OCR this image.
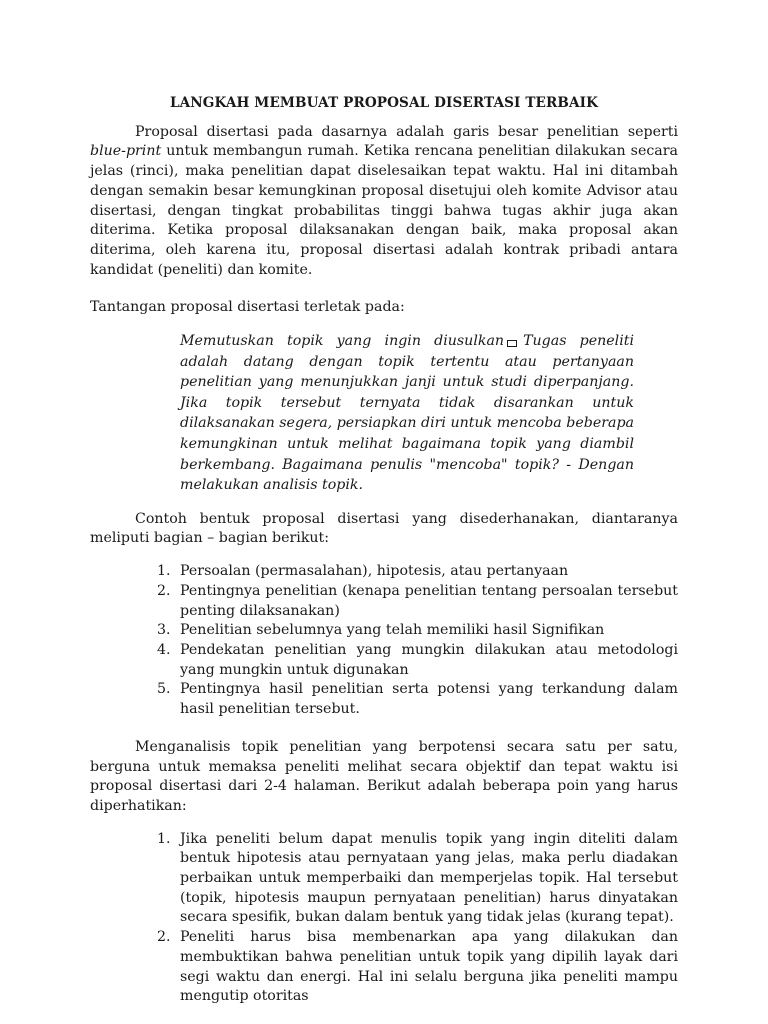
LANGKAH MEMBUAT PROPOSAL DISERTASI TERBAIK

Proposal disertasi pada dasarnya adalah garis besar penelitian seperti blue-print untuk membangun rumah. Ketika rencana penelitian dilakukan secara jelas (rinci), maka penelitian dapat diselesaikan tepat waktu. Hal ini ditambah dengan semakin besar kemungkinan proposal disetujui oleh komite Advisor atau disertasi, dengan tingkat probabilitas tinggi bahwa tugas akhir juga akan diterima. Ketika proposal dilaksanakan dengan baik, maka proposal akan diterima, oleh karena itu, proposal disertasi adalah kontrak pribadi antara kandidat (peneliti) dan komite.

Tantangan proposal disertasi terletak pada:

Memutuskan topik yang ingin diusulkan Tugas peneliti adalah datang dengan topik tertentu atau pertanyaan penelitian yang menunjukkan janji untuk studi diperpanjang. Jika topik tersebut ternyata tidak disarankan untuk dilaksanakan segera, persiapkan diri untuk mencoba beberapa kemungkinan untuk melihat bagaimana topik yang diambil berkembang. Bagaimana penulis "mencoba" topik? - Dengan melakukan analisis topik.

Contoh bentuk proposal disertasi yang disederhanakan, diantaranya meliputi bagian – bagian berikut:

1. Persoalan (permasalahan), hipotesis, atau pertanyaan
2. Pentingnya penelitian (kenapa penelitian tentang persoalan tersebut penting dilaksanakan)
3. Penelitian sebelumnya yang telah memiliki hasil Signifikan
4. Pendekatan penelitian yang mungkin dilakukan atau metodologi yang mungkin untuk digunakan
5. Pentingnya hasil penelitian serta potensi yang terkandung dalam hasil penelitian tersebut.

Menganalisis topik penelitian yang berpotensi secara satu per satu, berguna untuk memaksa peneliti melihat secara objektif dan tepat waktu isi proposal disertasi dari 2-4 halaman. Berikut adalah beberapa poin yang harus diperhatikan:

1. Jika peneliti belum dapat menulis topik yang ingin diteliti dalam bentuk hipotesis atau pernyataan yang jelas, maka perlu diadakan perbaikan untuk memperbaiki dan memperjelas topik. Hal tersebut (topik, hipotesis maupun pernyataan penelitian) harus dinyatakan secara spesifik, bukan dalam bentuk yang tidak jelas (kurang tepat).
2. Peneliti harus bisa membenarkan apa yang dilakukan dan membuktikan bahwa penelitian untuk topik yang dipilih layak dari segi waktu dan energi. Hal ini selalu berguna jika peneliti mampu mengutip otoritas
